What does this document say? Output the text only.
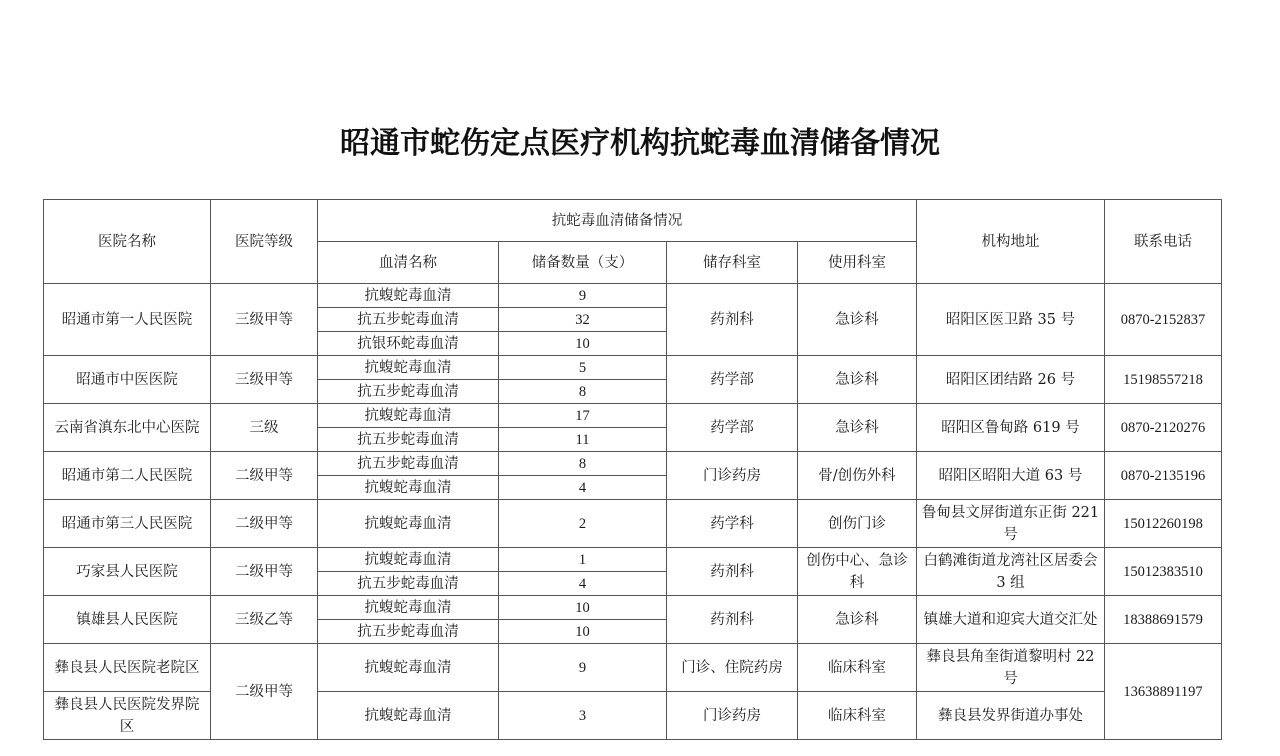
昭通市蛇伤定点医疗机构抗蛇毒血清储备情况
医院名称	医院等级	抗蛇毒血清储备情况				机构地址	联系电话
		血清名称	储备数量（支）	储存科室	使用科室		
昭通市第一人民医院	三级甲等	抗蝮蛇毒血清	9	药剂科	急诊科	昭阳区医卫路 35 号	0870-2152837
		抗五步蛇毒血清	32				
		抗银环蛇毒血清	10				
昭通市中医医院	三级甲等	抗蝮蛇毒血清	5	药学部	急诊科	昭阳区团结路 26 号	15198557218
		抗五步蛇毒血清	8				
云南省滇东北中心医院	三级	抗蝮蛇毒血清	17	药学部	急诊科	昭阳区鲁甸路 619 号	0870-2120276
		抗五步蛇毒血清	11				
昭通市第二人民医院	二级甲等	抗五步蛇毒血清	8	门诊药房	骨/创伤外科	昭阳区昭阳大道 63 号	0870-2135196
		抗蝮蛇毒血清	4				
昭通市第三人民医院	二级甲等	抗蝮蛇毒血清	2	药学科	创伤门诊	鲁甸县文屏街道东正街 221 号	15012260198
巧家县人民医院	二级甲等	抗蝮蛇毒血清	1	药剂科	创伤中心、急诊科	白鹤滩街道龙湾社区居委会 3 组	15012383510
		抗五步蛇毒血清	4				
镇雄县人民医院	三级乙等	抗蝮蛇毒血清	10	药剂科	急诊科	镇雄大道和迎宾大道交汇处	18388691579
		抗五步蛇毒血清	10				
彝良县人民医院老院区	二级甲等	抗蝮蛇毒血清	9	门诊、住院药房	临床科室	彝良县角奎街道黎明村 22 号	13638891197
彝良县人民医院发界院区		抗蝮蛇毒血清	3	门诊药房	临床科室	彝良县发界街道办事处	
